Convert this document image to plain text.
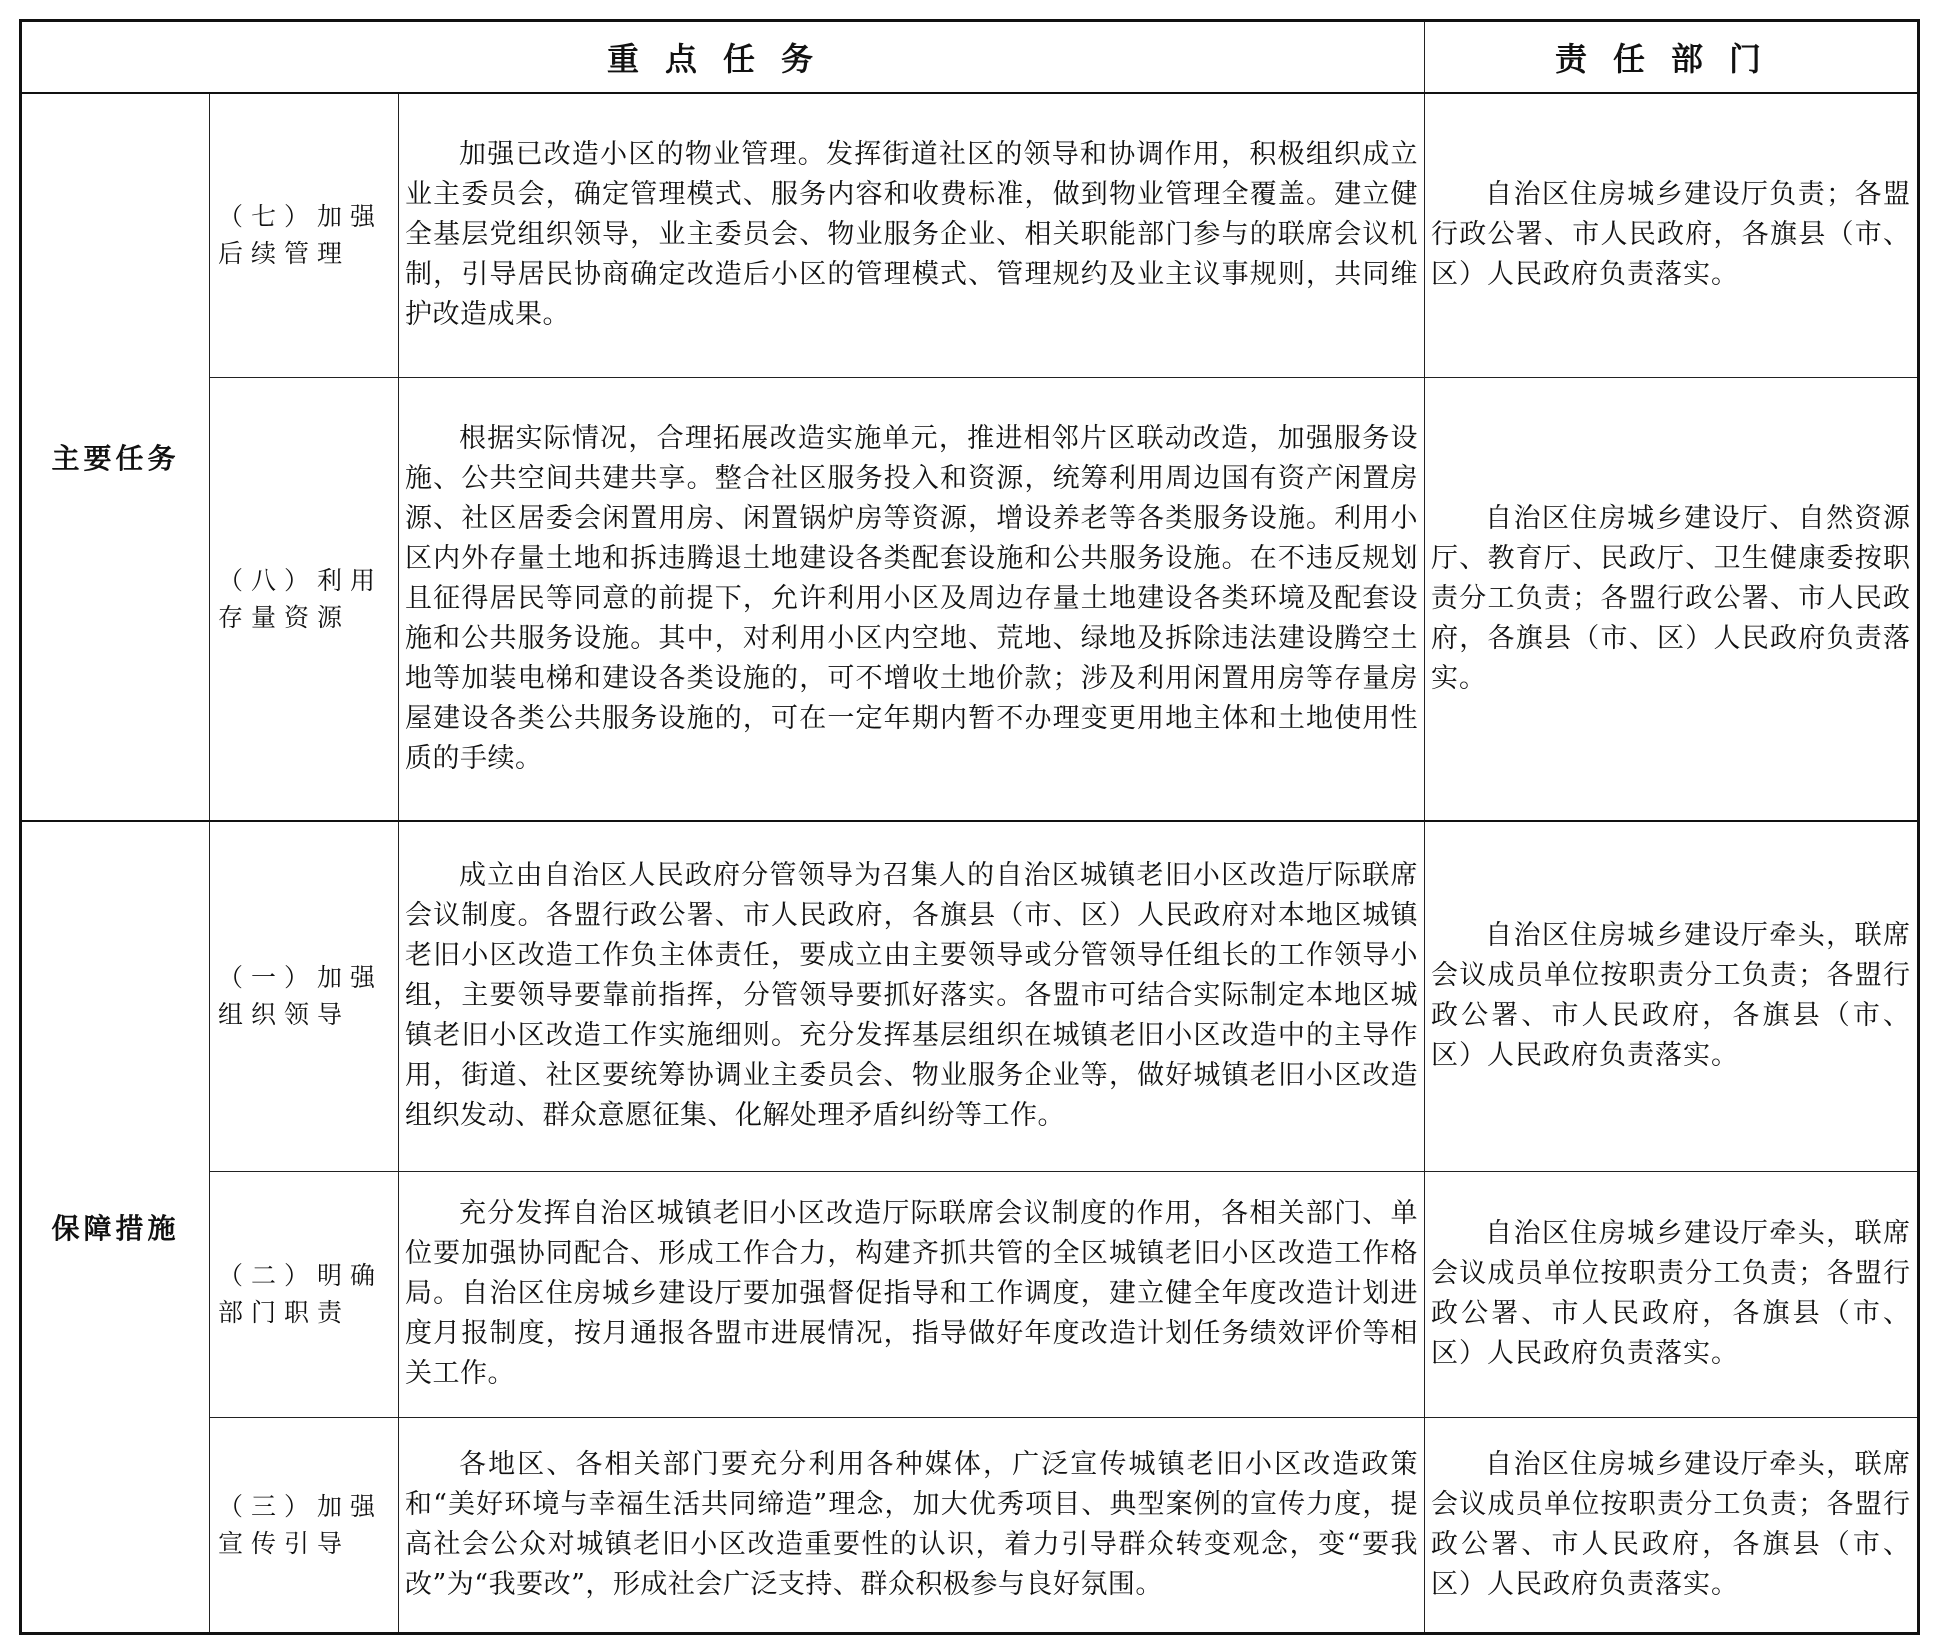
重点任务			责任部门
主要任务	（七）加强后续管理	加强已改造小区的物业管理。发挥街道社区的领导和协调作用，积极组织成立业主委员会，确定管理模式、服务内容和收费标准，做到物业管理全覆盖。建立健全基层党组织领导，业主委员会、物业服务企业、相关职能部门参与的联席会议机制，引导居民协商确定改造后小区的管理模式、管理规约及业主议事规则，共同维护改造成果。	自治区住房城乡建设厅负责；各盟行政公署、市人民政府，各旗县（市、区）人民政府负责落实。
	（八）利用存量资源	根据实际情况，合理拓展改造实施单元，推进相邻片区联动改造，加强服务设施、公共空间共建共享。整合社区服务投入和资源，统筹利用周边国有资产闲置房源、社区居委会闲置用房、闲置锅炉房等资源，增设养老等各类服务设施。利用小区内外存量土地和拆违腾退土地建设各类配套设施和公共服务设施。在不违反规划且征得居民等同意的前提下，允许利用小区及周边存量土地建设各类环境及配套设施和公共服务设施。其中，对利用小区内空地、荒地、绿地及拆除违法建设腾空土地等加装电梯和建设各类设施的，可不增收土地价款；涉及利用闲置用房等存量房屋建设各类公共服务设施的，可在一定年期内暂不办理变更用地主体和土地使用性质的手续。	自治区住房城乡建设厅、自然资源厅、教育厅、民政厅、卫生健康委按职责分工负责；各盟行政公署、市人民政府，各旗县（市、区）人民政府负责落实。
保障措施	（一）加强组织领导	成立由自治区人民政府分管领导为召集人的自治区城镇老旧小区改造厅际联席会议制度。各盟行政公署、市人民政府，各旗县（市、区）人民政府对本地区城镇老旧小区改造工作负主体责任，要成立由主要领导或分管领导任组长的工作领导小组，主要领导要靠前指挥，分管领导要抓好落实。各盟市可结合实际制定本地区城镇老旧小区改造工作实施细则。充分发挥基层组织在城镇老旧小区改造中的主导作用，街道、社区要统筹协调业主委员会、物业服务企业等，做好城镇老旧小区改造组织发动、群众意愿征集、化解处理矛盾纠纷等工作。	自治区住房城乡建设厅牵头，联席会议成员单位按职责分工负责；各盟行政公署、市人民政府，各旗县（市、区）人民政府负责落实。
	（二）明确部门职责	充分发挥自治区城镇老旧小区改造厅际联席会议制度的作用，各相关部门、单位要加强协同配合、形成工作合力，构建齐抓共管的全区城镇老旧小区改造工作格局。自治区住房城乡建设厅要加强督促指导和工作调度，建立健全年度改造计划进度月报制度，按月通报各盟市进展情况，指导做好年度改造计划任务绩效评价等相关工作。	自治区住房城乡建设厅牵头，联席会议成员单位按职责分工负责；各盟行政公署、市人民政府，各旗县（市、区）人民政府负责落实。
	（三）加强宣传引导	各地区、各相关部门要充分利用各种媒体，广泛宣传城镇老旧小区改造政策和“美好环境与幸福生活共同缔造”理念，加大优秀项目、典型案例的宣传力度，提高社会公众对城镇老旧小区改造重要性的认识，着力引导群众转变观念，变“要我改”为“我要改”，形成社会广泛支持、群众积极参与良好氛围。	自治区住房城乡建设厅牵头，联席会议成员单位按职责分工负责；各盟行政公署、市人民政府，各旗县（市、区）人民政府负责落实。
